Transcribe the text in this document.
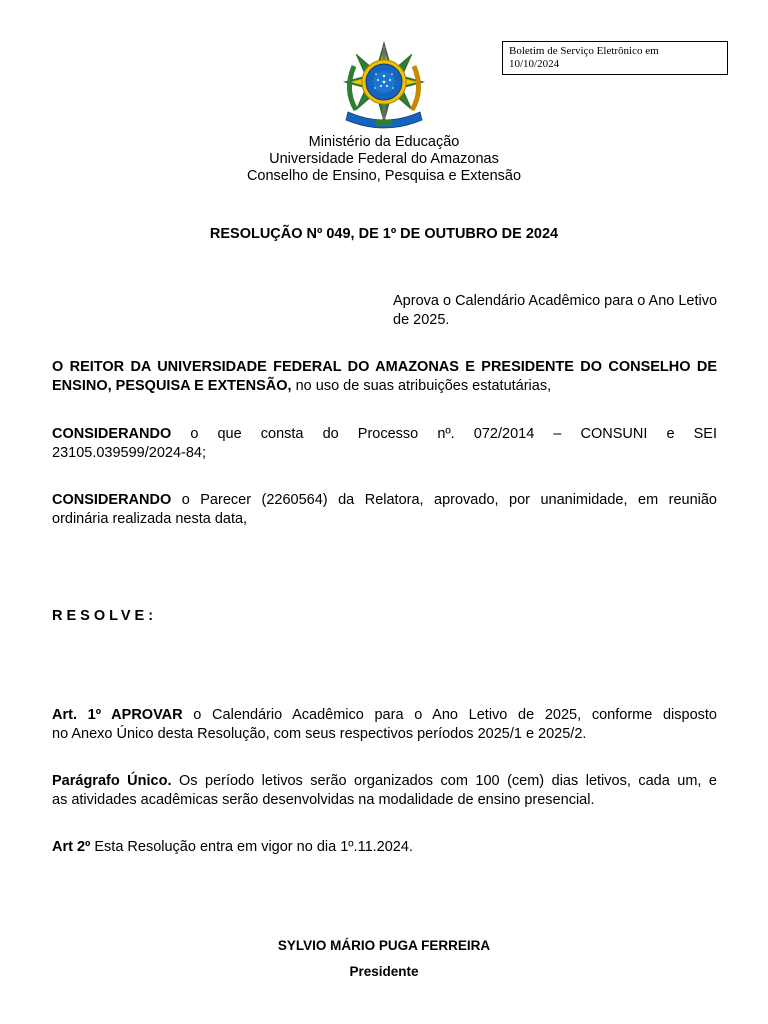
Boletim de Serviço Eletrônico em
10/10/2024
Ministério da Educação
Universidade Federal do Amazonas
Conselho de Ensino, Pesquisa e Extensão
RESOLUÇÃO Nº 049, DE 1º DE OUTUBRO DE 2024
Aprova o Calendário Acadêmico para o Ano Letivo de 2025.
O REITOR DA UNIVERSIDADE FEDERAL DO AMAZONAS E PRESIDENTE DO CONSELHO DE
ENSINO, PESQUISA E EXTENSÃO, no uso de suas atribuições estatutárias,
CONSIDERANDO o que consta do Processo nº. 072/2014 – CONSUNI e SEI
23105.039599/2024-84;
CONSIDERANDO o Parecer (2260564) da Relatora, aprovado, por unanimidade, em reunião
ordinária realizada nesta data,
RESOLVE:
Art. 1º APROVAR o Calendário Acadêmico para o Ano Letivo de 2025, conforme disposto
no Anexo Único desta Resolução, com seus respectivos períodos 2025/1 e 2025/2.
Parágrafo Único. Os período letivos serão organizados com 100 (cem) dias letivos, cada um, e
as atividades acadêmicas serão desenvolvidas na modalidade de ensino presencial.
Art 2º Esta Resolução entra em vigor no dia 1º.11.2024.
SYLVIO MÁRIO PUGA FERREIRA
Presidente
